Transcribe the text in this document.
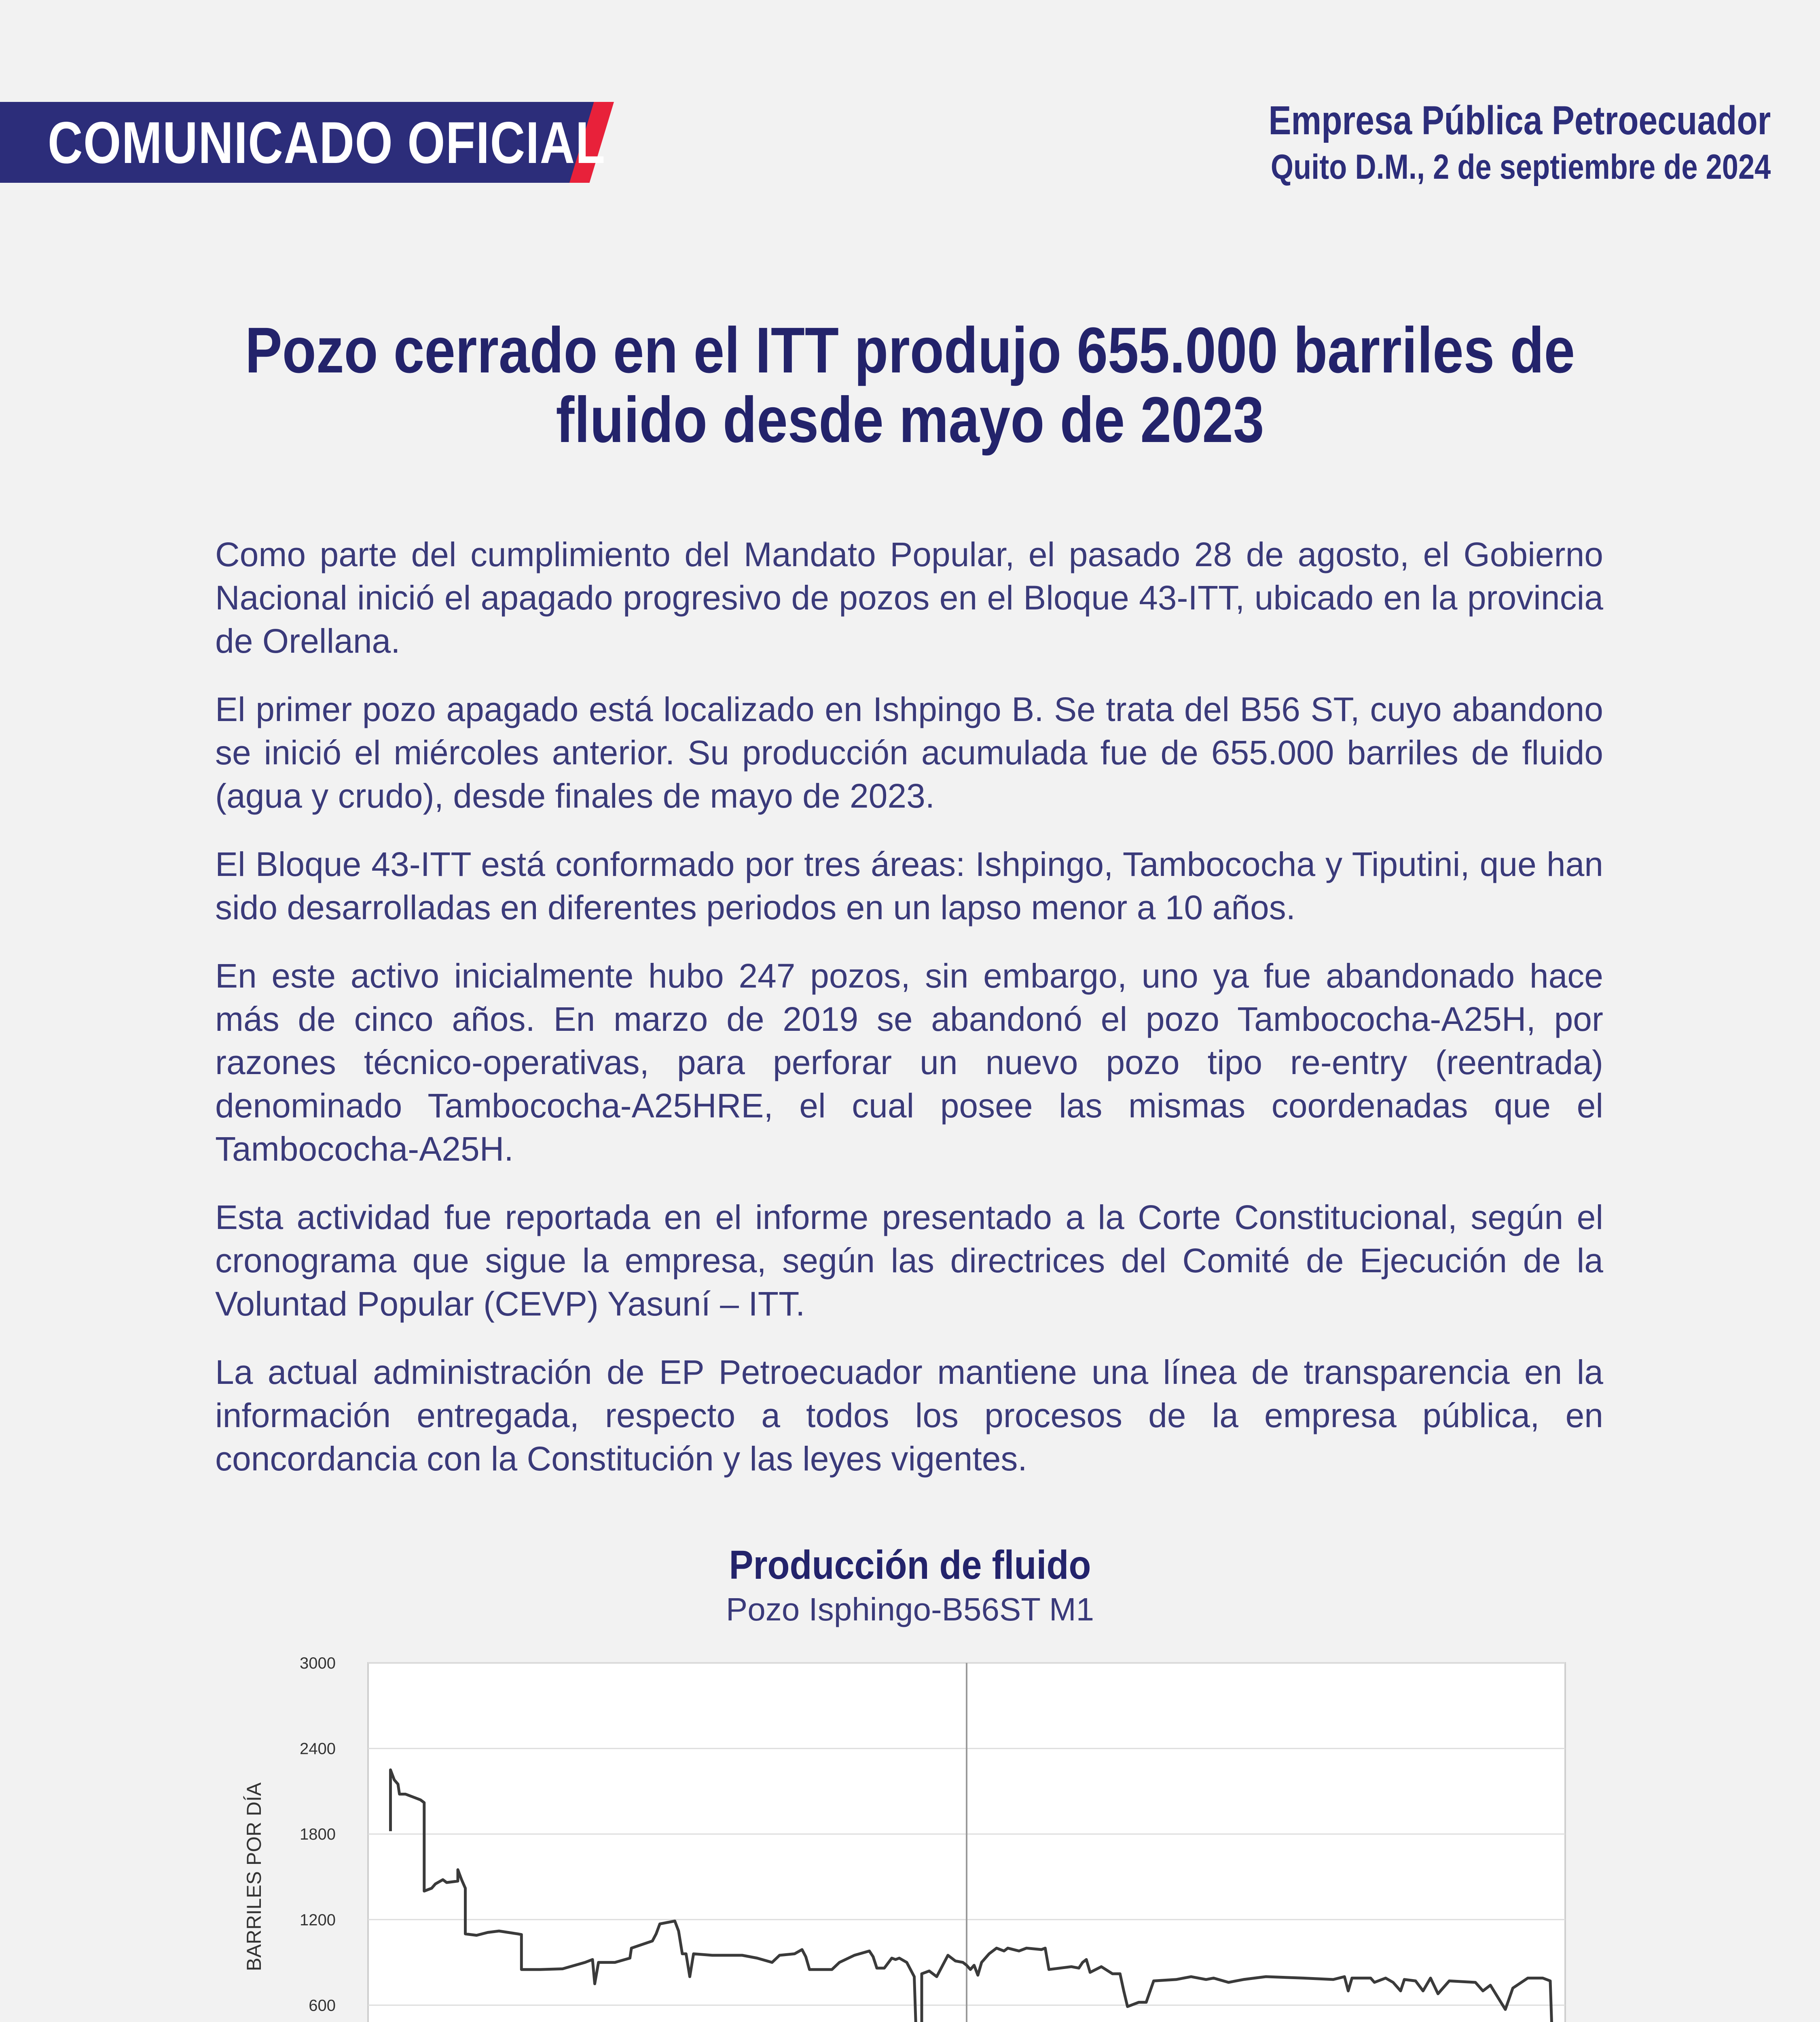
COMUNICADO OFICIAL	Empresa Pública Petroecuador
Quito D.M., 2 de septiembre de 2024
Pozo cerrado en el ITT produjo 655.000 barriles de
fluido desde mayo de 2023

Como parte del cumplimiento del Mandato Popular, el pasado 28 de agosto, el Gobierno Nacional inició el apagado progresivo de pozos en el Bloque 43-ITT, ubicado en la provincia de Orellana.

El primer pozo apagado está localizado en Ishpingo B. Se trata del B56 ST, cuyo abandono se inició el miércoles anterior. Su producción acumulada fue de 655.000 barriles de fluido (agua y crudo), desde finales de mayo de 2023.

El Bloque 43-ITT está conformado por tres áreas: Ishpingo, Tambococha y Tiputini, que han sido desarrolladas en diferentes periodos en un lapso menor a 10 años.

En este activo inicialmente hubo 247 pozos, sin embargo, uno ya fue abandonado hace más de cinco años. En marzo de 2019 se abandonó el pozo Tambococha-A25H, por razones técnico-operativas, para perforar un nuevo pozo tipo re-entry (reentrada) denominado Tambococha-A25HRE, el cual posee las mismas coordenadas que el Tambococha-A25H.

Esta actividad fue reportada en el informe presentado a la Corte Constitucional, según el cronograma que sigue la empresa, según las directrices del Comité de Ejecución de la Voluntad Popular (CEVP) Yasuní – ITT.

La actual administración de EP Petroecuador mantiene una línea de transparencia en la información entregada, respecto a todos los procesos de la empresa pública, en concordancia con la Constitución y las leyes vigentes.

Producción de fluido
Pozo Isphingo-B56ST M1
3000
2400
1800
1200
600
BARRILES POR DÍA
